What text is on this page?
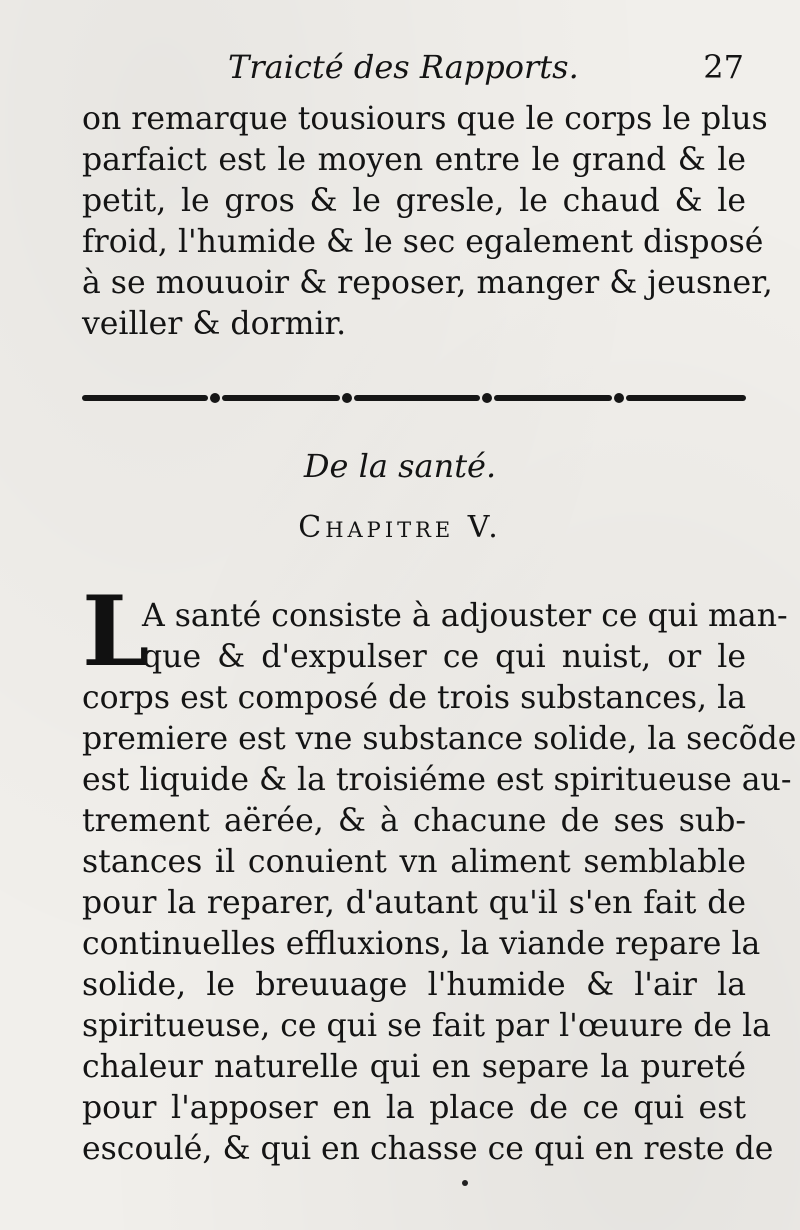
Traicté des Rapports.	27
on remarque tousiours que le corps le plus
parfaict est le moyen entre le grand & le
petit, le gros & le gresle, le chaud & le
froid, l'humide & le sec egalement disposé
à se mouuoir & reposer, manger & jeusner,
veiller & dormir.
De la santé.
Chapitre V.
L
A santé consiste à adjouster ce qui man-
que & d'expulser ce qui nuist, or le
corps est composé de trois substances, la
premiere est vne substance solide, la secõde
est liquide & la troisiéme est spiritueuse au-
trement aërée, & à chacune de ses sub-
stances il conuient vn aliment semblable
pour la reparer, d'autant qu'il s'en fait de
continuelles effluxions, la viande repare la
solide, le breuuage l'humide & l'air la
spiritueuse, ce qui se fait par l'œuure de la
chaleur naturelle qui en separe la pureté
pour l'apposer en la place de ce qui est
escoulé, & qui en chasse ce qui en reste de
